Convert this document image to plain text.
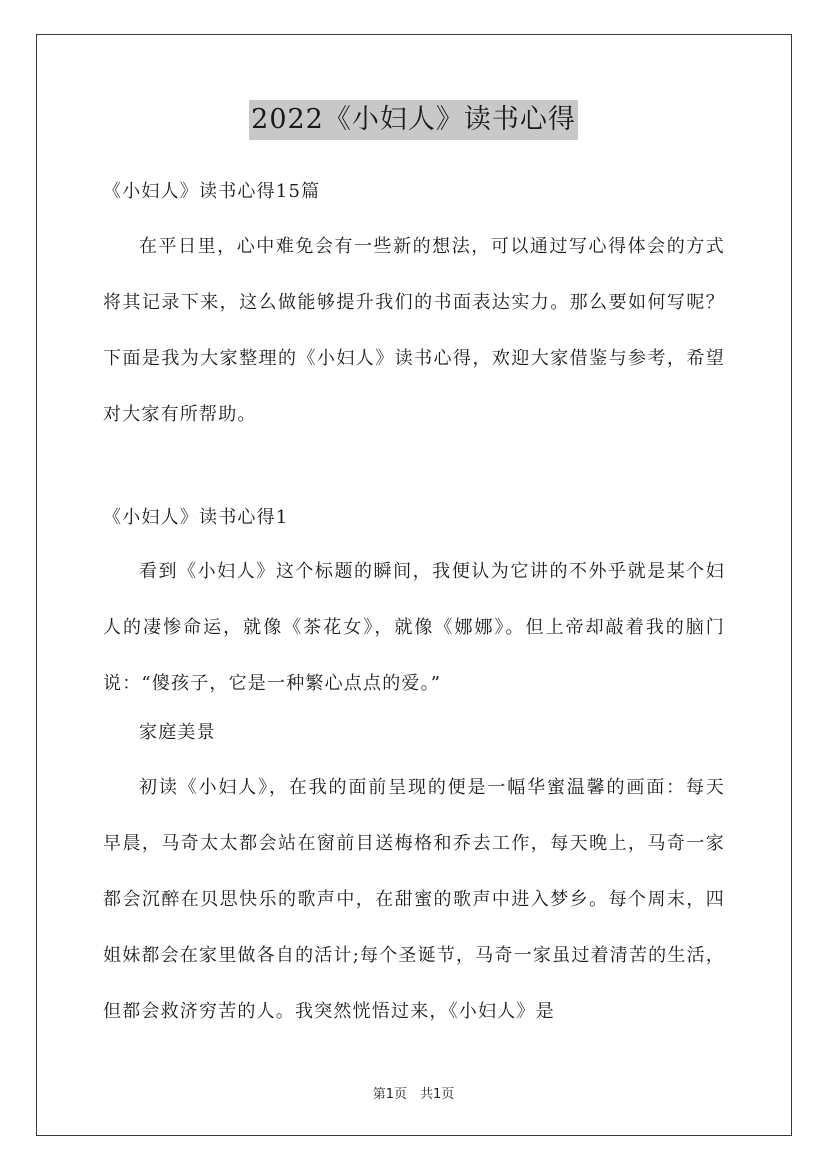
2022《小妇人》读书心得

《小妇人》读书心得15篇

在平日里，心中难免会有一些新的想法，可以通过写心得体会的方式将其记录下来，这么做能够提升我们的书面表达实力。那么要如何写呢？下面是我为大家整理的《小妇人》读书心得，欢迎大家借鉴与参考，希望对大家有所帮助。

《小妇人》读书心得1

看到《小妇人》这个标题的瞬间，我便认为它讲的不外乎就是某个妇人的凄惨命运，就像《茶花女》，就像《娜娜》。但上帝却敲着我的脑门说：“傻孩子，它是一种繁心点点的爱。”

家庭美景

初读《小妇人》，在我的面前呈现的便是一幅华蜜温馨的画面：每天早晨，马奇太太都会站在窗前目送梅格和乔去工作，每天晚上，马奇一家都会沉醉在贝思快乐的歌声中，在甜蜜的歌声中进入梦乡。每个周末，四姐妹都会在家里做各自的活计;每个圣诞节，马奇一家虽过着清苦的生活，但都会救济穷苦的人。我突然恍悟过来，《小妇人》是

第1页　共1页
